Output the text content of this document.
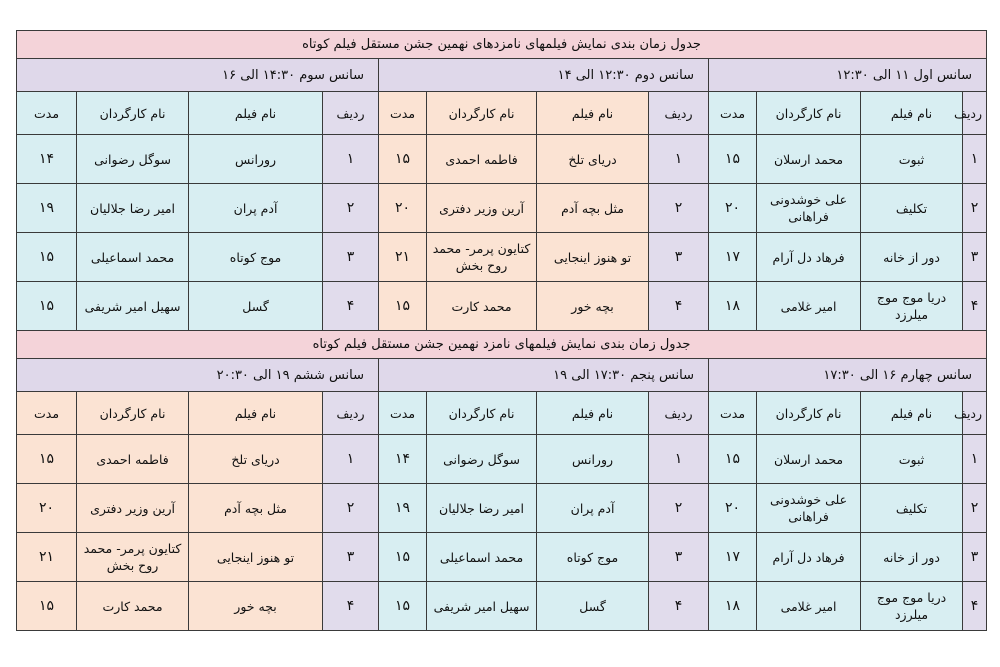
جدول زمان بندی نمایش فیلمهای نامزدهای نهمین جشن مستقل فیلم کوتاه											
سانس اول ۱۱ الی ۱۲:۳۰				سانس دوم ۱۲:۳۰ الی ۱۴				سانس سوم ۱۴:۳۰ الی ۱۶			
ردیف	نام فیلم	نام کارگردان	مدت	ردیف	نام فیلم	نام کارگردان	مدت	ردیف	نام فیلم	نام کارگردان	مدت
۱	ثبوت	محمد ارسلان	۱۵	۱	دریای تلخ	فاطمه احمدی	۱۵	۱	رورانس	سوگل رضوانی	۱۴
۲	تکلیف	علی خوشدونی فراهانی	۲۰	۲	مثل بچه آدم	آرین وزیر دفتری	۲۰	۲	آدم پران	امیر رضا جلالیان	۱۹
۳	دور از خانه	فرهاد دل آرام	۱۷	۳	تو هنوز اینجایی	کتایون پرمر- محمد روح بخش	۲۱	۳	موج کوتاه	محمد اسماعیلی	۱۵
۴	دریا موج موج میلرزد	امیر غلامی	۱۸	۴	بچه خور	محمد کارت	۱۵	۴	گسل	سهیل امیر شریفی	۱۵
جدول زمان بندی نمایش فیلمهای نامزد نهمین جشن مستقل فیلم کوتاه											
سانس چهارم ۱۶ الی ۱۷:۳۰				سانس پنجم ۱۷:۳۰ الی ۱۹				سانس ششم ۱۹ الی ۲۰:۳۰			
ردیف	نام فیلم	نام کارگردان	مدت	ردیف	نام فیلم	نام کارگردان	مدت	ردیف	نام فیلم	نام کارگردان	مدت
۱	ثبوت	محمد ارسلان	۱۵	۱	رورانس	سوگل رضوانی	۱۴	۱	دریای تلخ	فاطمه احمدی	۱۵
۲	تکلیف	علی خوشدونی فراهانی	۲۰	۲	آدم پران	امیر رضا جلالیان	۱۹	۲	مثل بچه آدم	آرین وزیر دفتری	۲۰
۳	دور از خانه	فرهاد دل آرام	۱۷	۳	موج کوتاه	محمد اسماعیلی	۱۵	۳	تو هنوز اینجایی	کتایون پرمر- محمد روح بخش	۲۱
۴	دریا موج موج میلرزد	امیر غلامی	۱۸	۴	گسل	سهیل امیر شریفی	۱۵	۴	بچه خور	محمد کارت	۱۵
